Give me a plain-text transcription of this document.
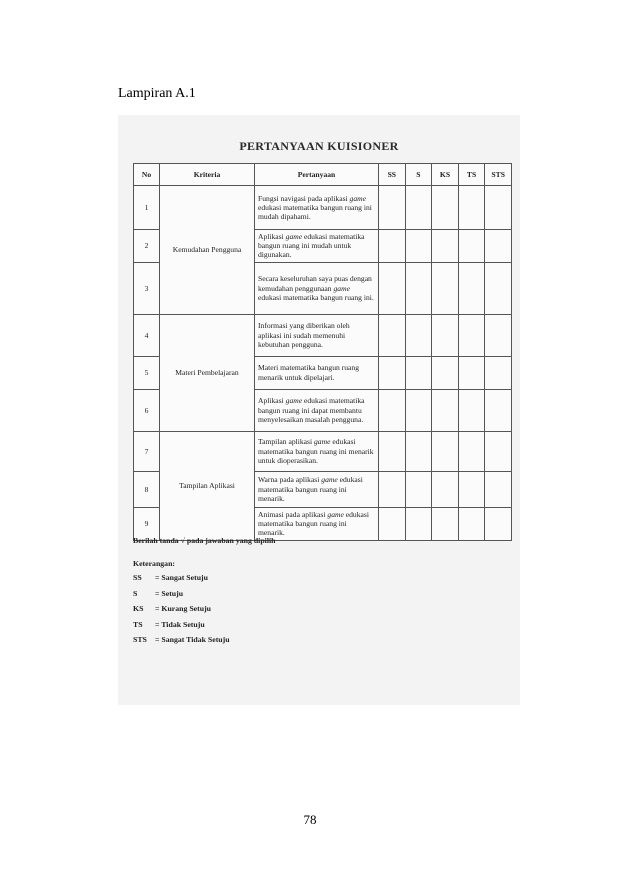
Lampiran A.1
PERTANYAAN KUISIONER
No	Kriteria	Pertanyaan	SS	S	KS	TS	STS
1	Kemudahan Pengguna	Fungsi navigasi pada aplikasi game edukasi matematika bangun ruang ini mudah dipahami.					
2		Aplikasi game edukasi matematika bangun ruang ini mudah untuk digunakan.					
3		Secara keseluruhan saya puas dengan kemudahan penggunaan game edukasi matematika bangun ruang ini.					
4	Materi Pembelajaran	Informasi yang diberikan oleh aplikasi ini sudah memenuhi kebutuhan pengguna.					
5		Materi matematika bangun ruang menarik untuk dipelajari.					
6		Aplikasi game edukasi matematika bangun ruang ini dapat membantu menyelesaikan masalah pengguna.					
7	Tampilan Aplikasi	Tampilan aplikasi game edukasi matematika bangun ruang ini menarik untuk dioperasikan.					
8		Warna pada aplikasi game edukasi matematika bangun ruang ini menarik.					
9		Animasi pada aplikasi game edukasi matematika bangun ruang ini menarik.					
Berilah tanda √ pada jawaban yang dipilih
Keterangan:
SS	= Sangat Setuju
S	= Setuju
KS	= Kurang Setuju
TS	= Tidak Setuju
STS	= Sangat Tidak Setuju
78
